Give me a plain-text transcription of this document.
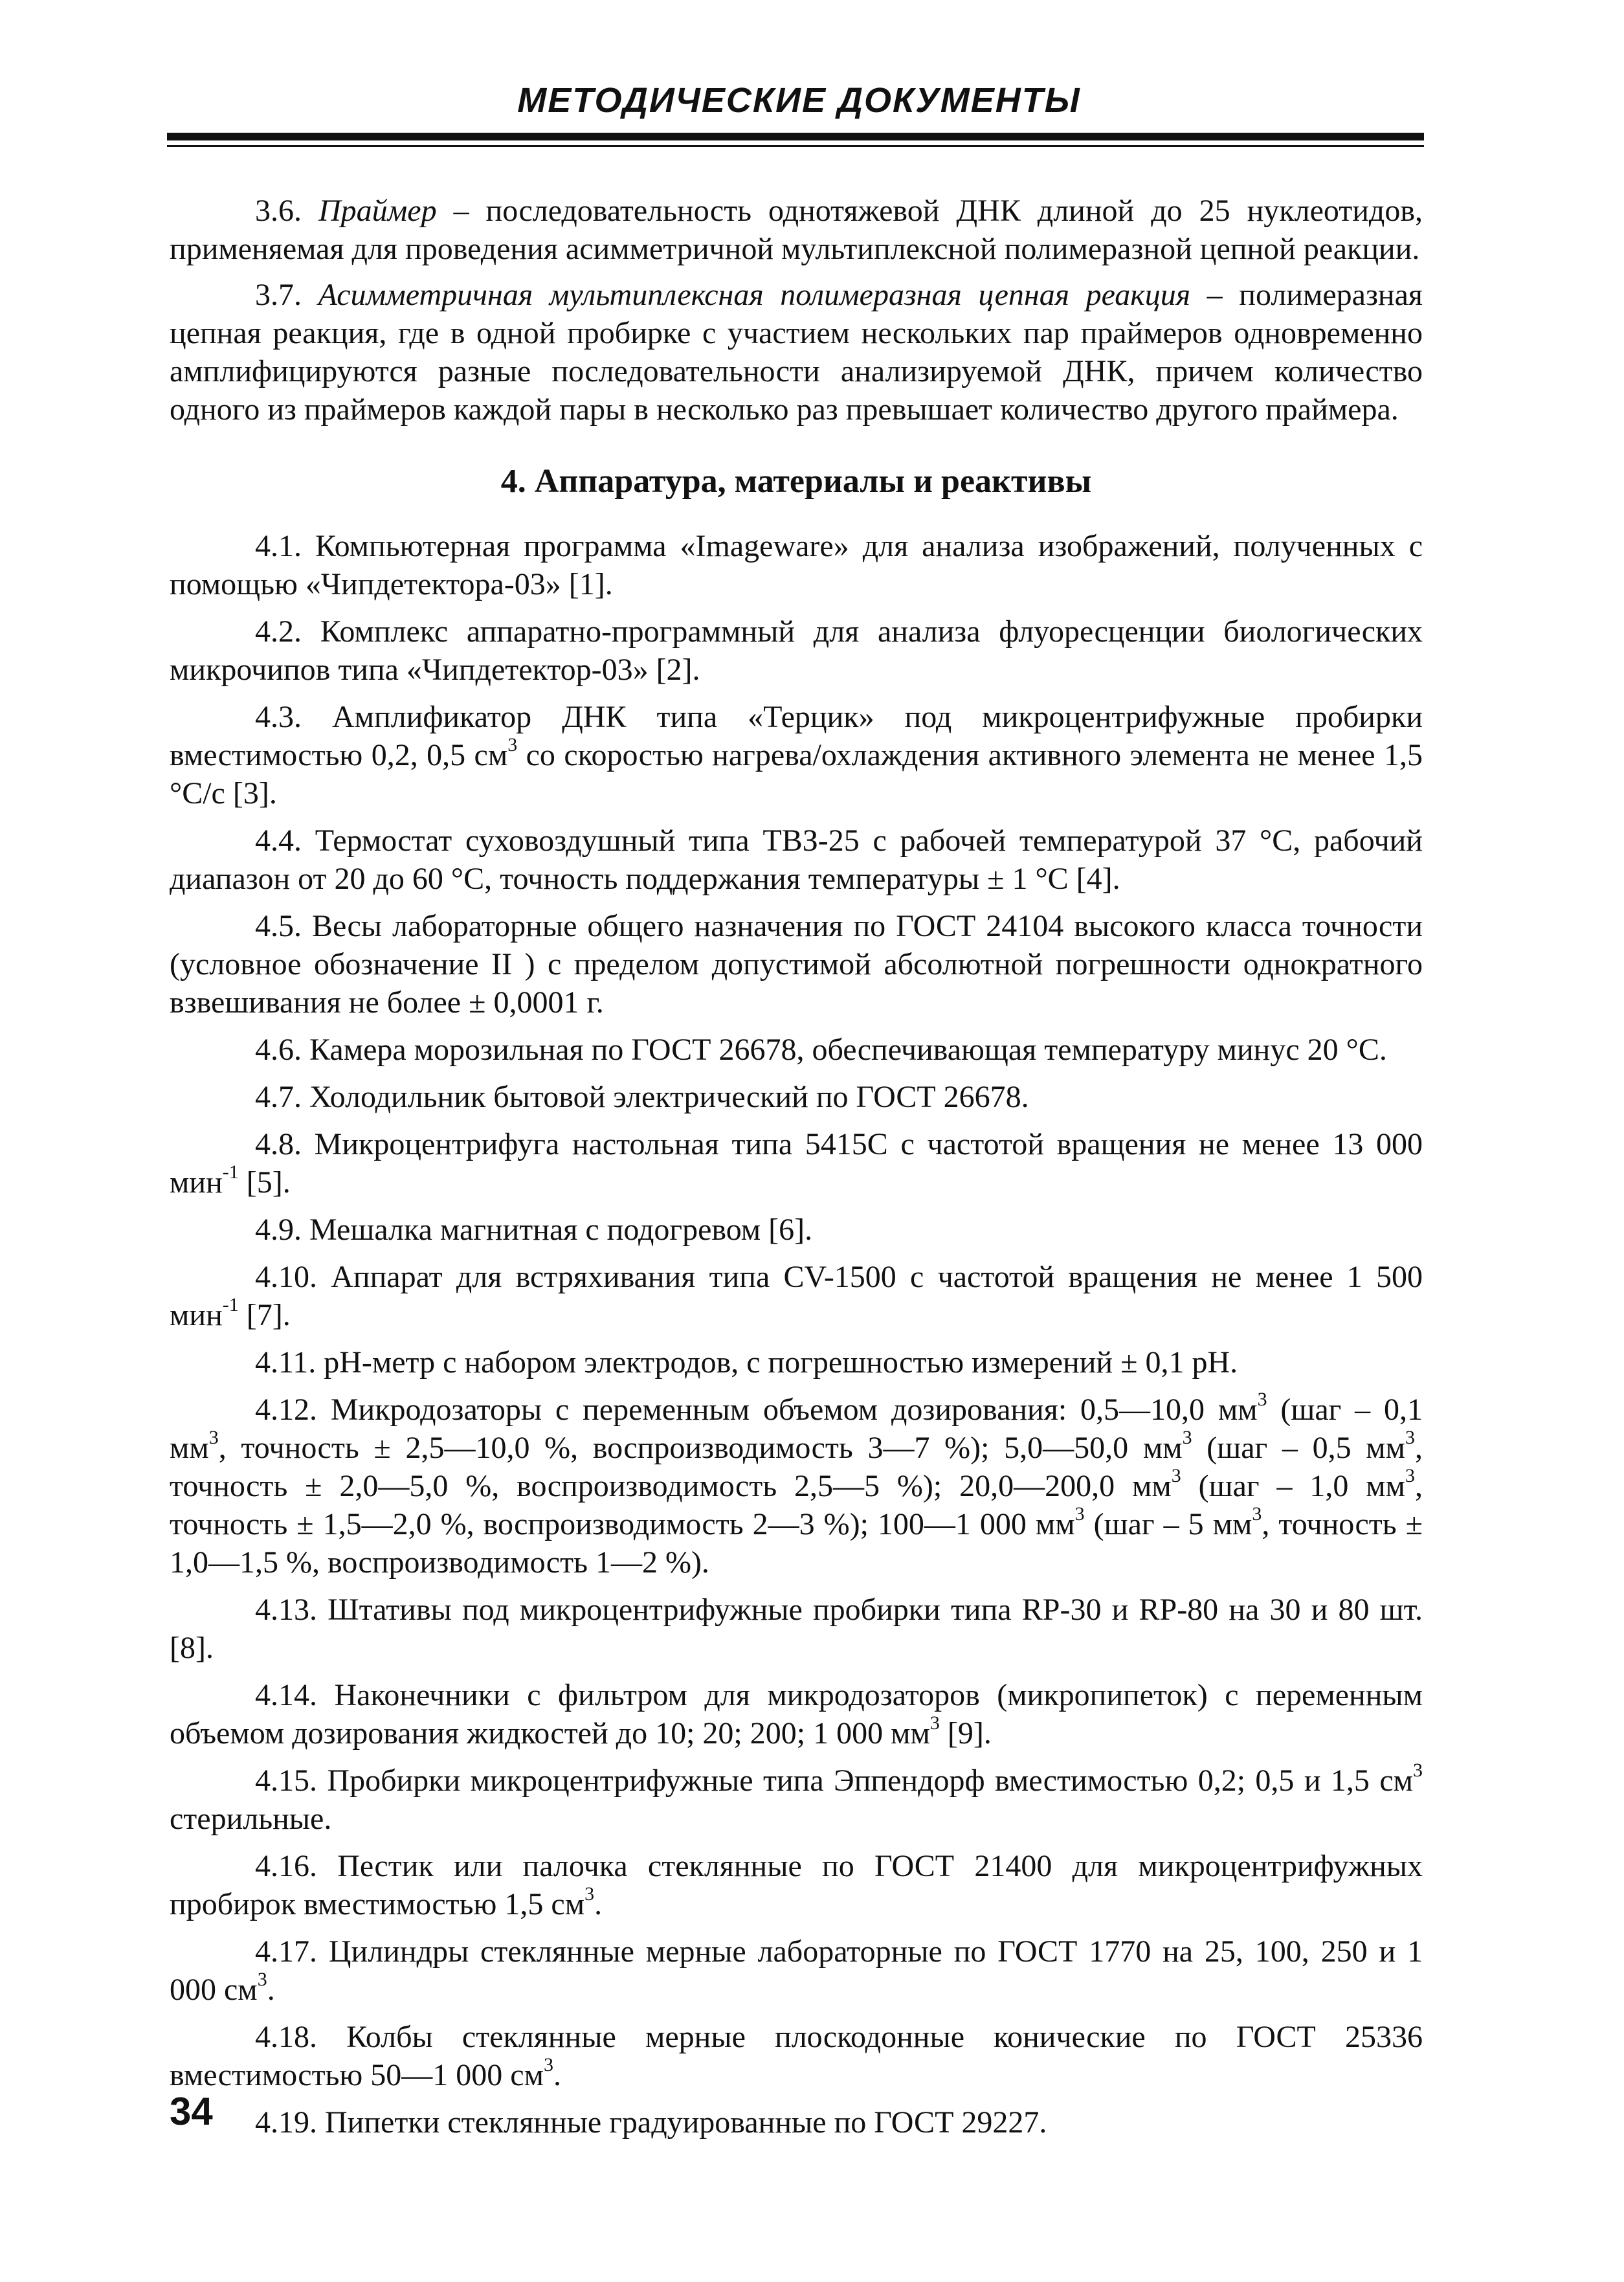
МЕТОДИЧЕСКИЕ ДОКУМЕНТЫ

3.6. Праймер – последовательность однотяжевой ДНК длиной до 25 нуклеотидов, применяемая для проведения асимметричной мультиплексной полимеразной цепной реакции.

3.7. Асимметричная мультиплексная полимеразная цепная реакция – полимеразная цепная реакция, где в одной пробирке с участием нескольких пар праймеров одновременно амплифицируются разные последовательности анализируемой ДНК, причем количество одного из праймеров каждой пары в несколько раз превышает количество другого праймера.

4. Аппаратура, материалы и реактивы

4.1. Компьютерная программа «Imageware» для анализа изображений, полученных с помощью «Чипдетектора-03» [1].

4.2. Комплекс аппаратно-программный для анализа флуоресценции биологических микрочипов типа «Чипдетектор-03» [2].

4.3. Амплификатор ДНК типа «Терцик» под микроцентрифужные пробирки вместимостью 0,2, 0,5 $см^3$ со скоростью нагрева/охлаждения активного элемента не менее 1,5 °С/с [3].

4.4. Термостат суховоздушный типа ТВЗ-25 с рабочей температурой 37 °С, рабочий диапазон от 20 до 60 °С, точность поддержания температуры ± 1 °С [4].

4.5. Весы лабораторные общего назначения по ГОСТ 24104 высокого класса точности (условное обозначение II ) с пределом допустимой абсолютной погрешности однократного взвешивания не более ± 0,0001 г.

4.6. Камера морозильная по ГОСТ 26678, обеспечивающая температуру минус 20 °С.

4.7. Холодильник бытовой электрический по ГОСТ 26678.

4.8. Микроцентрифуга настольная типа 5415С с частотой вращения не менее 13 000 мин$^{-1}$ [5].

4.9. Мешалка магнитная с подогревом [6].

4.10. Аппарат для встряхивания типа CV-1500 с частотой вращения не менее 1 500 мин$^{-1}$ [7].

4.11. рН-метр с набором электродов, с погрешностью измерений ± 0,1 рН.

4.12. Микродозаторы с переменным объемом дозирования: 0,5—10,0 $мм^3$ (шаг – 0,1 $мм^3$, точность ± 2,5—10,0 %, воспроизводимость 3—7 %); 5,0—50,0 $мм^3$ (шаг – 0,5 $мм^3$, точность ± 2,0—5,0 %, воспроизводимость 2,5—5 %); 20,0—200,0 $мм^3$ (шаг – 1,0 $мм^3$, точность ± 1,5—2,0 %, воспроизводимость 2—3 %); 100—1 000 $мм^3$ (шаг – 5 $мм^3$, точность ± 1,0—1,5 %, воспроизводимость 1—2 %).

4.13. Штативы под микроцентрифужные пробирки типа RP-30 и RP-80 на 30 и 80 шт. [8].

4.14. Наконечники с фильтром для микродозаторов (микропипеток) с переменным объемом дозирования жидкостей до 10; 20; 200; 1 000 $мм^3$ [9].

4.15. Пробирки микроцентрифужные типа Эппендорф вместимостью 0,2; 0,5 и 1,5 $см^3$ стерильные.

4.16. Пестик или палочка стеклянные по ГОСТ 21400 для микроцентрифужных пробирок вместимостью 1,5 $см^3$.

4.17. Цилиндры стеклянные мерные лабораторные по ГОСТ 1770 на 25, 100, 250 и 1 000 $см^3$.

4.18. Колбы стеклянные мерные плоскодонные конические по ГОСТ 25336 вместимостью 50—1 000 $см^3$.

4.19. Пипетки стеклянные градуированные по ГОСТ 29227.

34
